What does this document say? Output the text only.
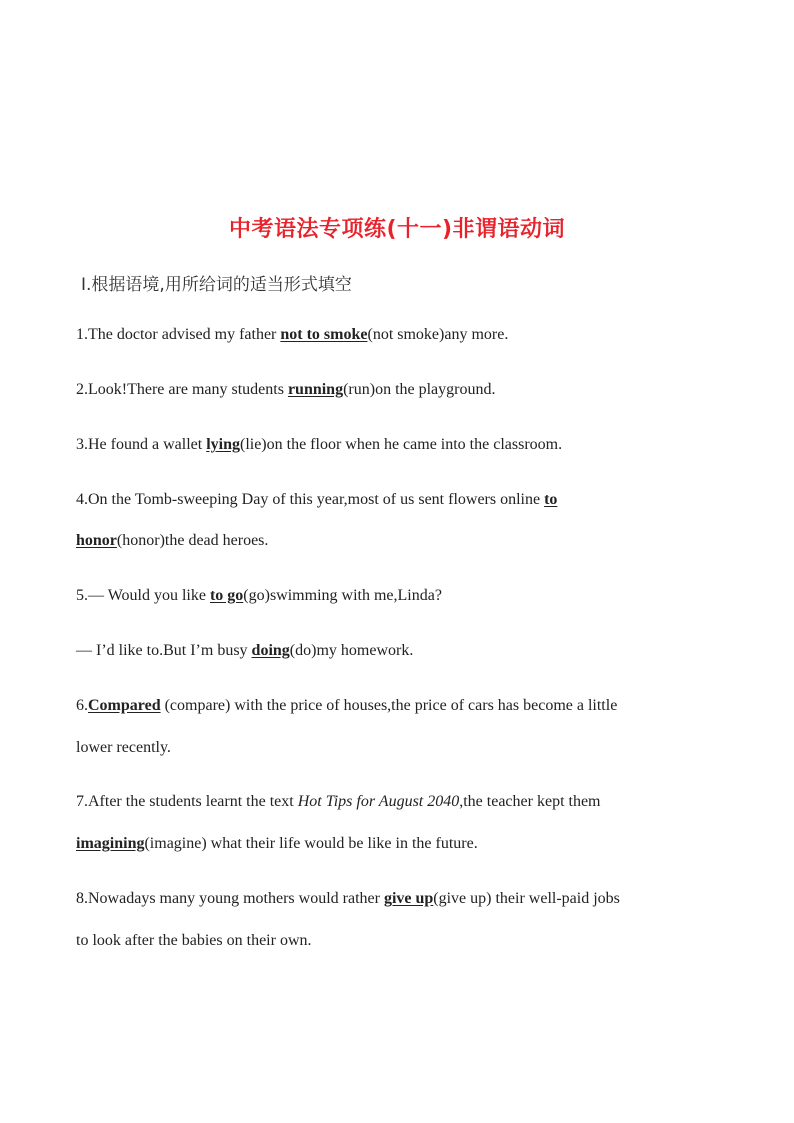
中考语法专项练(十一)非谓语动词
Ⅰ.根据语境,用所给词的适当形式填空
1.The doctor advised my father not to smoke(not smoke)any more.
2.Look!There are many students running(run)on the playground.
3.He found a wallet lying(lie)on the floor when he came into the classroom.
4.On the Tomb-sweeping Day of this year,most of us sent flowers online to
honor(honor)the dead heroes.
5.— Would you like to go(go)swimming with me,Linda?
— I’d like to.But I’m busy doing(do)my homework.
6.Compared (compare) with the price of houses,the price of cars has become a little
lower recently.
7.After the students learnt the text Hot Tips for August 2040,the teacher kept them
imagining(imagine) what their life would be like in the future.
8.Nowadays many young mothers would rather give up(give up) their well-paid jobs
to look after the babies on their own.
